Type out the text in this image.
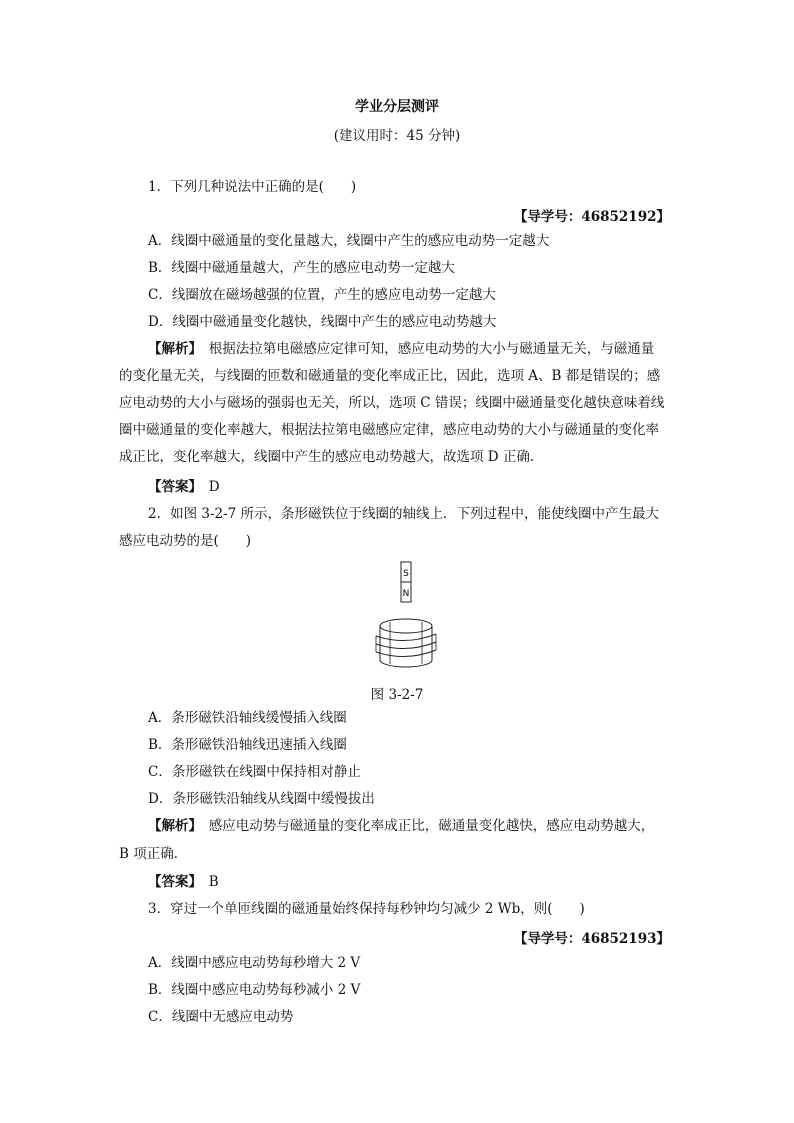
学业分层测评
(建议用时：45 分钟)
1．下列几种说法中正确的是(　　)
【导学号：46852192】
A．线圈中磁通量的变化量越大，线圈中产生的感应电动势一定越大
B．线圈中磁通量越大，产生的感应电动势一定越大
C．线圈放在磁场越强的位置，产生的感应电动势一定越大
D．线圈中磁通量变化越快，线圈中产生的感应电动势越大
【解析】　根据法拉第电磁感应定律可知，感应电动势的大小与磁通量无关，与磁通量
的变化量无关，与线圈的匝数和磁通量的变化率成正比，因此，选项 A、B 都是错误的；感
应电动势的大小与磁场的强弱也无关，所以，选项 C 错误；线圈中磁通量变化越快意味着线
圈中磁通量的变化率越大，根据法拉第电磁感应定律，感应电动势的大小与磁通量的变化率
成正比，变化率越大，线圈中产生的感应电动势越大，故选项 D 正确．
【答案】　D
2．如图 3-2-7 所示，条形磁铁位于线圈的轴线上．下列过程中，能使线圈中产生最大
感应电动势的是(　　)
S
N
图 3-2-7
A．条形磁铁沿轴线缓慢插入线圈
B．条形磁铁沿轴线迅速插入线圈
C．条形磁铁在线圈中保持相对静止
D．条形磁铁沿轴线从线圈中缓慢拔出
【解析】　感应电动势与磁通量的变化率成正比，磁通量变化越快，感应电动势越大，
B 项正确．
【答案】　B
3．穿过一个单匝线圈的磁通量始终保持每秒钟均匀减少 2 Wb，则(　　)
【导学号：46852193】
A．线圈中感应电动势每秒增大 2 V
B．线圈中感应电动势每秒减小 2 V
C．线圈中无感应电动势
